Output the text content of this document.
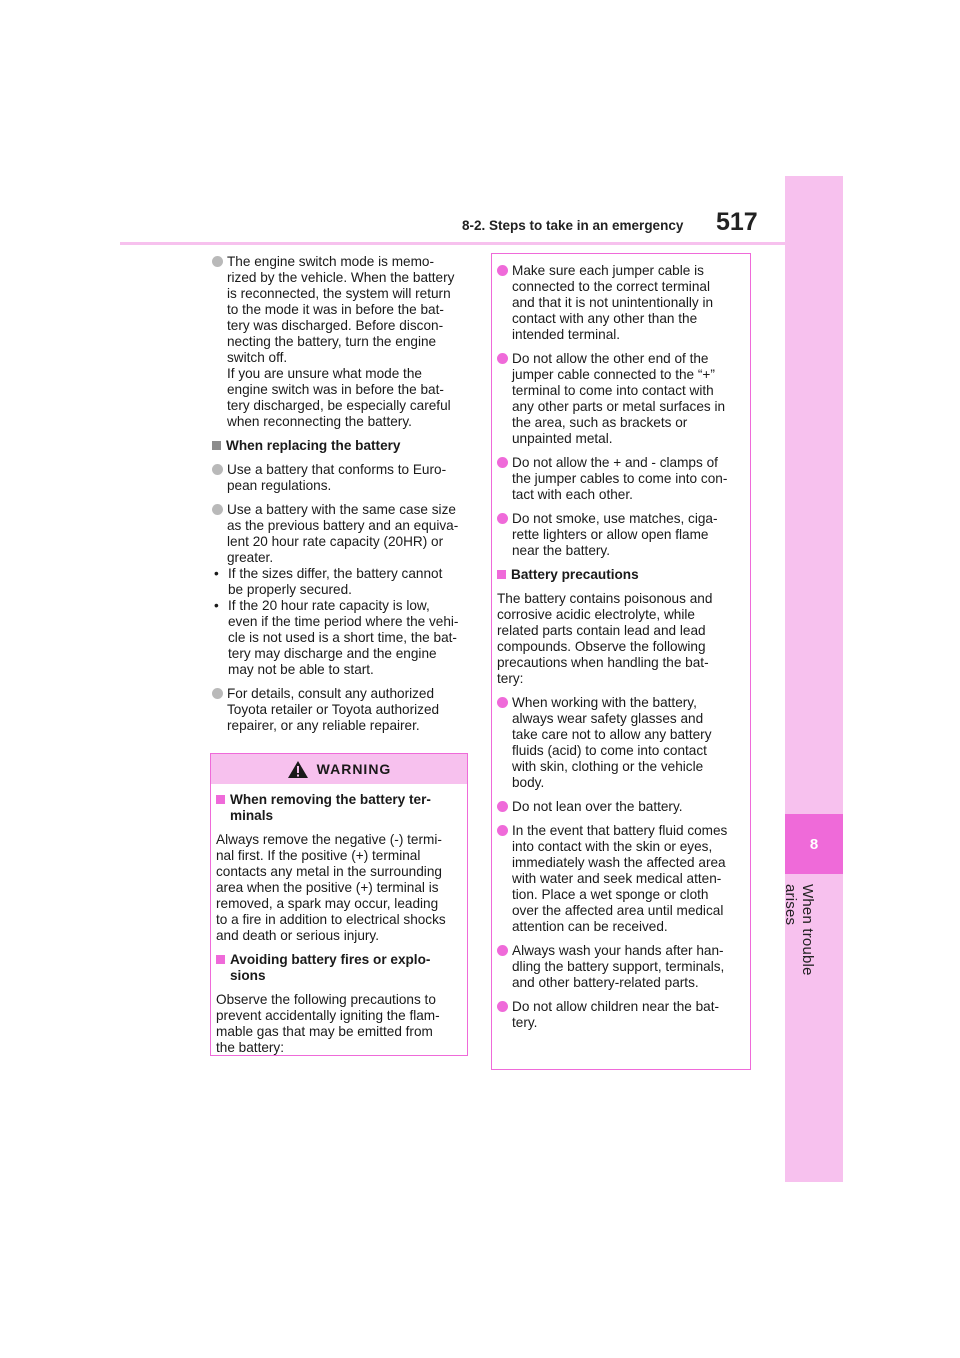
8
When trouble arises
8-2. Steps to take in an emergency 517
The engine switch mode is memo-
rized by the vehicle. When the battery
is reconnected, the system will return
to the mode it was in before the bat-
tery was discharged. Before discon-
necting the battery, turn the engine
switch off.
If you are unsure what mode the
engine switch was in before the bat-
tery discharged, be especially careful
when reconnecting the battery.
When replacing the battery
Use a battery that conforms to Euro-
pean regulations.
Use a battery with the same case size
as the previous battery and an equiva-
lent 20 hour rate capacity (20HR) or
greater.
• If the sizes differ, the battery cannot
be properly secured.
• If the 20 hour rate capacity is low,
even if the time period where the vehi-
cle is not used is a short time, the bat-
tery may discharge and the engine
may not be able to start.
For details, consult any authorized
Toyota retailer or Toyota authorized
repairer, or any reliable repairer.
WARNING
When removing the battery ter-
minals
Always remove the negative (-) termi-
nal first. If the positive (+) terminal
contacts any metal in the surrounding
area when the positive (+) terminal is
removed, a spark may occur, leading
to a fire in addition to electrical shocks
and death or serious injury.
Avoiding battery fires or explo-
sions
Observe the following precautions to
prevent accidentally igniting the flam-
mable gas that may be emitted from
the battery:
Make sure each jumper cable is
connected to the correct terminal
and that it is not unintentionally in
contact with any other than the
intended terminal.
Do not allow the other end of the
jumper cable connected to the “+”
terminal to come into contact with
any other parts or metal surfaces in
the area, such as brackets or
unpainted metal.
Do not allow the + and - clamps of
the jumper cables to come into con-
tact with each other.
Do not smoke, use matches, ciga-
rette lighters or allow open flame
near the battery.
Battery precautions
The battery contains poisonous and
corrosive acidic electrolyte, while
related parts contain lead and lead
compounds. Observe the following
precautions when handling the bat-
tery:
When working with the battery,
always wear safety glasses and
take care not to allow any battery
fluids (acid) to come into contact
with skin, clothing or the vehicle
body.
Do not lean over the battery.
In the event that battery fluid comes
into contact with the skin or eyes,
immediately wash the affected area
with water and seek medical atten-
tion. Place a wet sponge or cloth
over the affected area until medical
attention can be received.
Always wash your hands after han-
dling the battery support, terminals,
and other battery-related parts.
Do not allow children near the bat-
tery.
